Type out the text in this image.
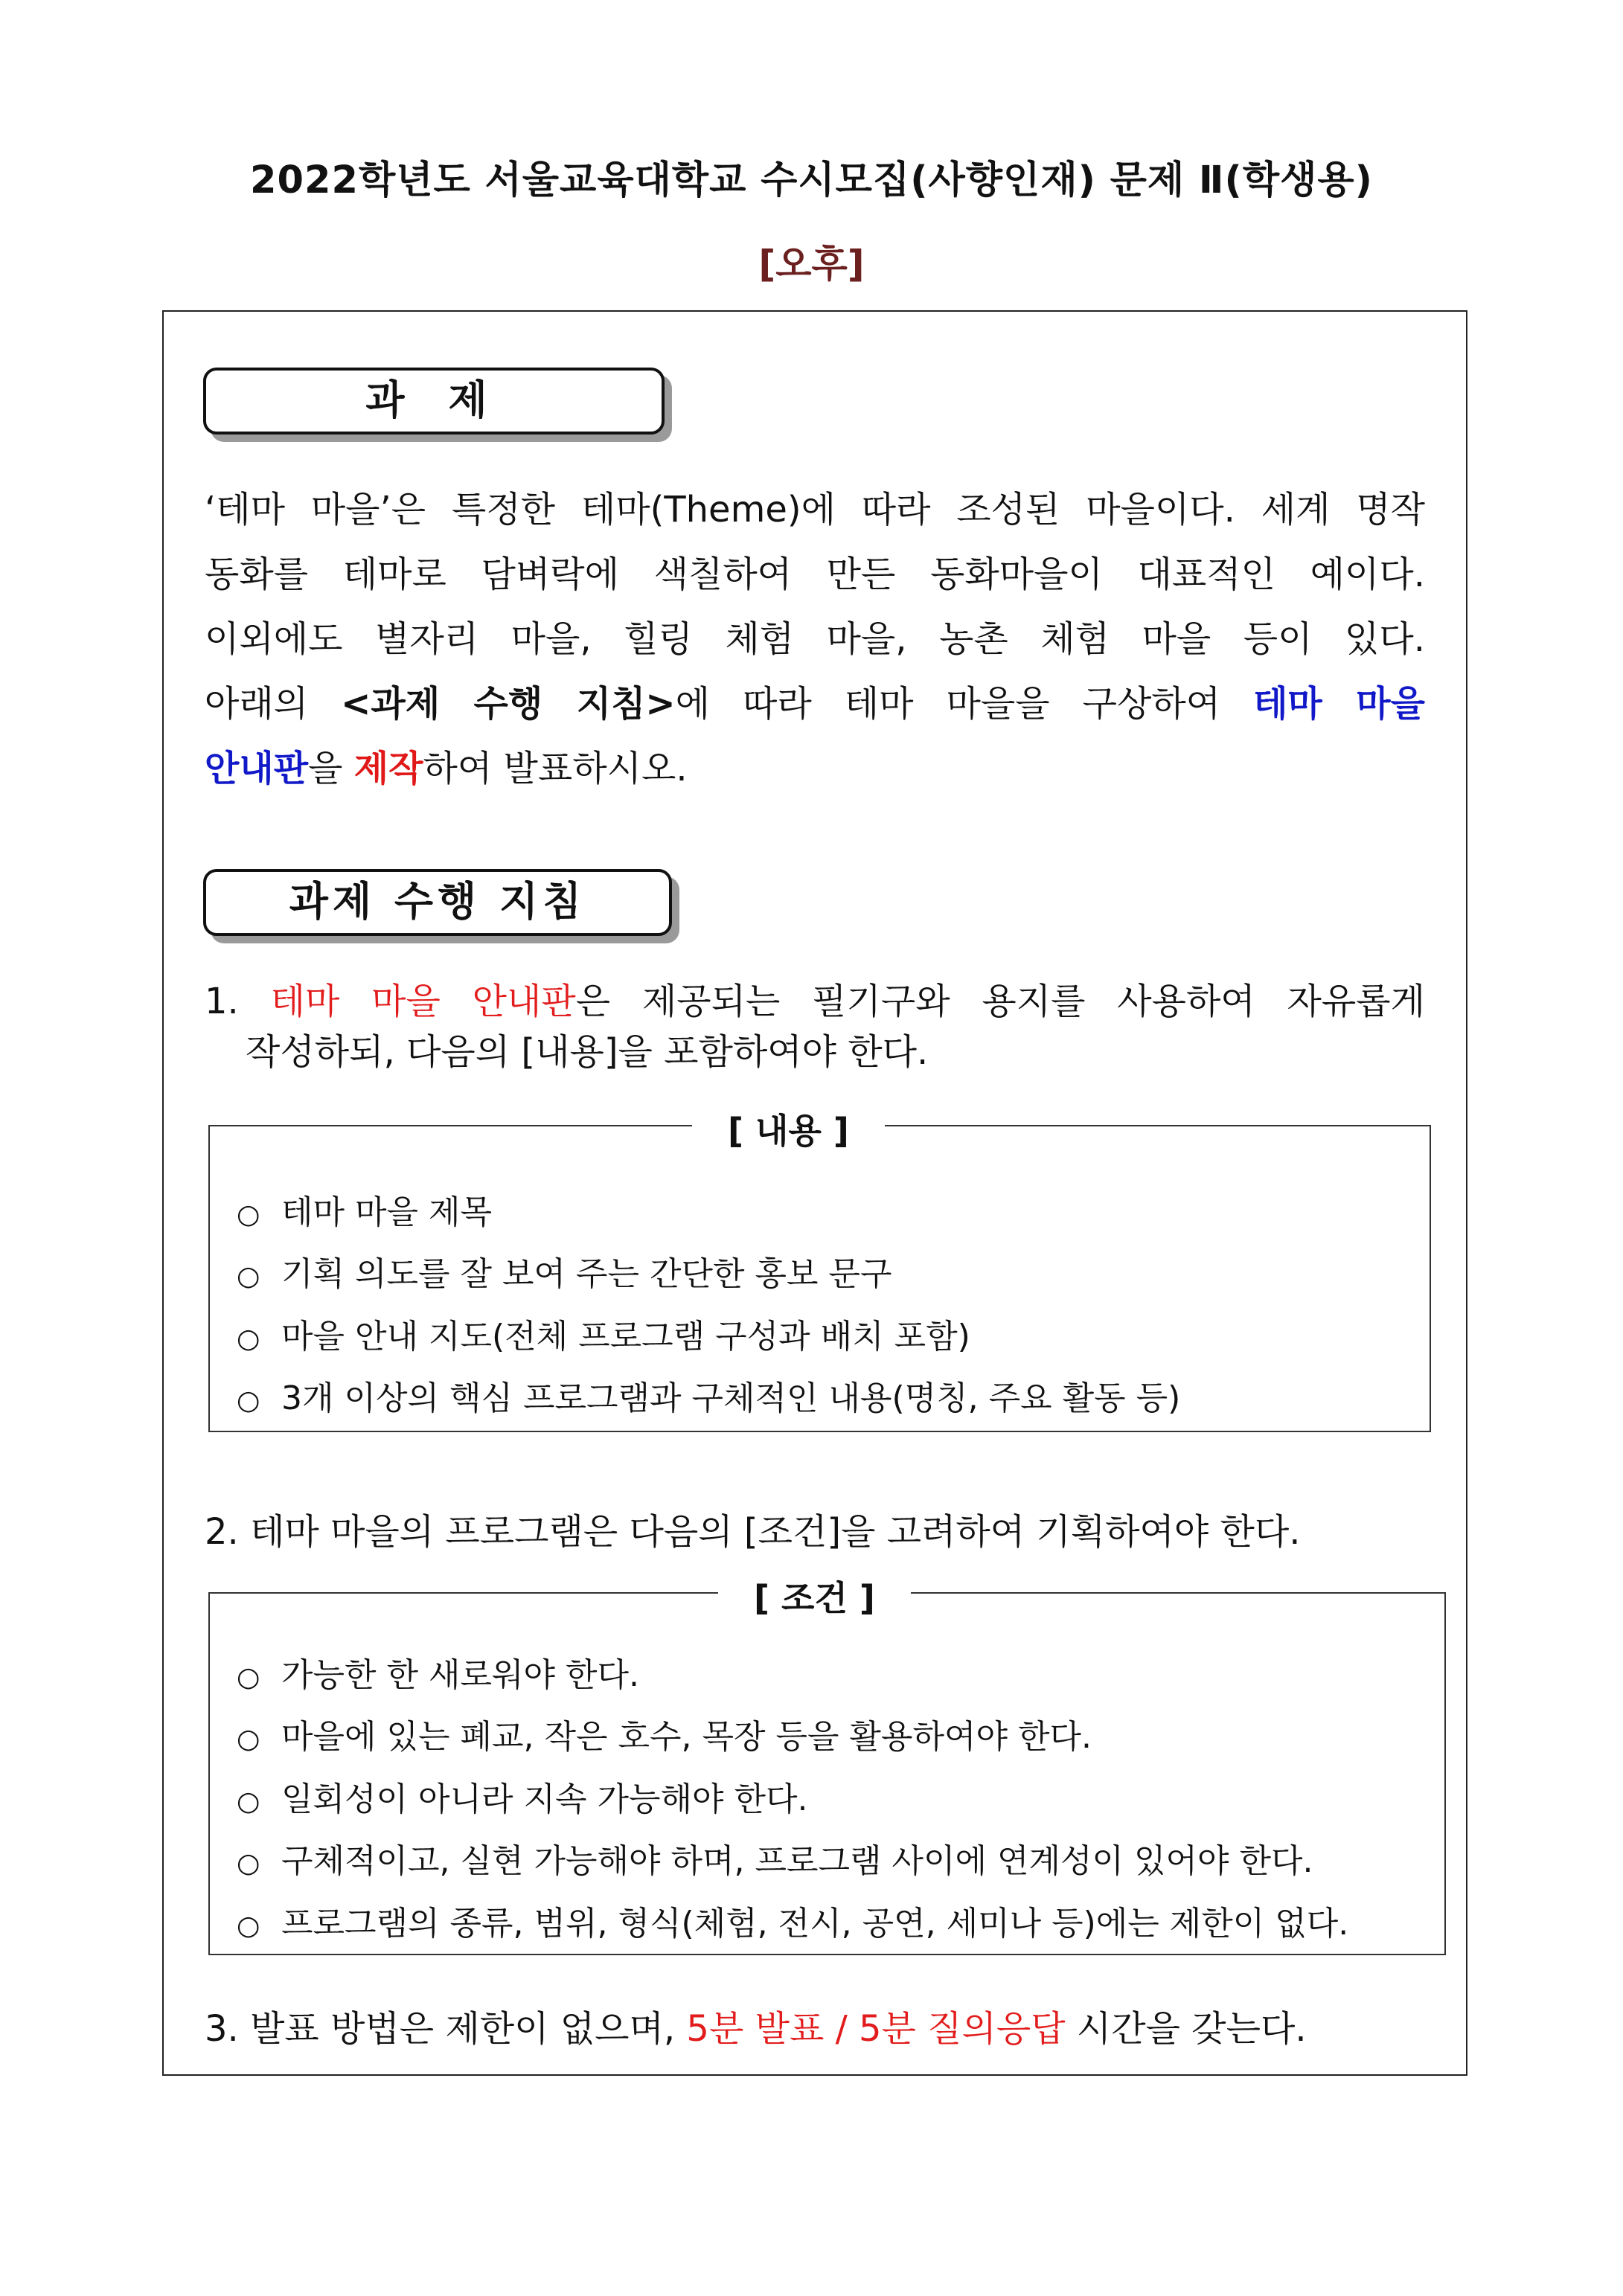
2022학년도 서울교육대학교 수시모집(사향인재) 문제 Ⅱ(학생용)
[오후]
과 제
‘테마 마을’은 특정한 테마(Theme)에 따라 조성된 마을이다. 세계 명작
동화를 테마로 담벼락에 색칠하여 만든 동화마을이 대표적인 예이다.
이외에도 별자리 마을, 힐링 체험 마을, 농촌 체험 마을 등이 있다.
아래의 <과제 수행 지침>에 따라 테마 마을을 구상하여 테마 마을
안내판을 제작하여 발표하시오.
과제 수행 지침
1. 테마 마을 안내판은 제공되는 필기구와 용지를 사용하여 자유롭게
작성하되, 다음의 [내용]을 포함하여야 한다.
[ 내용 ]
○ 테마 마을 제목
○ 기획 의도를 잘 보여 주는 간단한 홍보 문구
○ 마을 안내 지도(전체 프로그램 구성과 배치 포함)
○ 3개 이상의 핵심 프로그램과 구체적인 내용(명칭, 주요 활동 등)
2. 테마 마을의 프로그램은 다음의 [조건]을 고려하여 기획하여야 한다.
[ 조건 ]
○ 가능한 한 새로워야 한다.
○ 마을에 있는 폐교, 작은 호수, 목장 등을 활용하여야 한다.
○ 일회성이 아니라 지속 가능해야 한다.
○ 구체적이고, 실현 가능해야 하며, 프로그램 사이에 연계성이 있어야 한다.
○ 프로그램의 종류, 범위, 형식(체험, 전시, 공연, 세미나 등)에는 제한이 없다.
3. 발표 방법은 제한이 없으며, 5분 발표 / 5분 질의응답 시간을 갖는다.
